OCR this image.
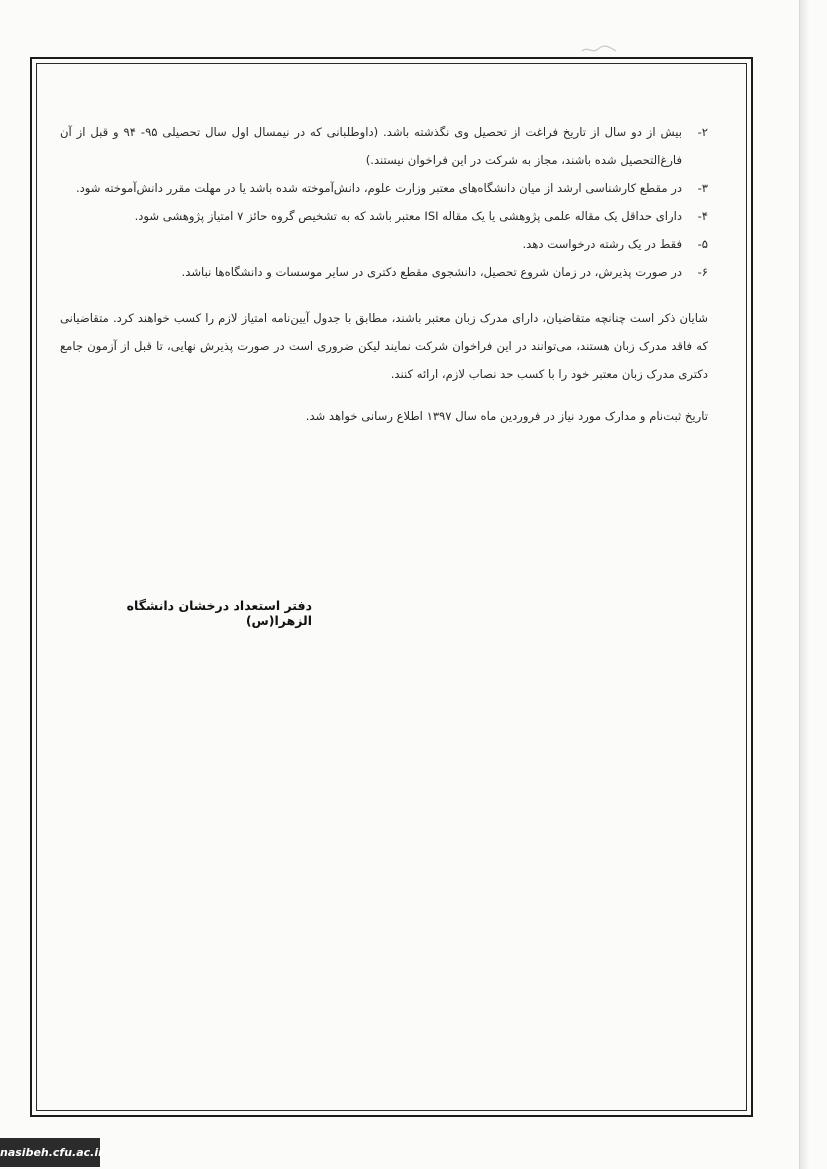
۲-
بیش از دو سال از تاریخ فراغت از تحصیل وی نگذشته باشد. (داوطلبانی که در نیمسال اول سال تحصیلی ۹۵- ۹۴ و قبل از آن فارغ‌التحصیل شده باشند، مجاز به شرکت در این فراخوان نیستند.)
۳-
در مقطع کارشناسی ارشد از میان دانشگاه‌های معتبر وزارت علوم، دانش‌آموخته شده باشد یا در مهلت مقرر دانش‌آموخته شود.
۴-
دارای حداقل یک مقاله علمی پژوهشی یا یک مقاله ISI معتبر باشد که به تشخیص گروه حائز ۷ امتیاز پژوهشی شود.
۵-
فقط در یک رشته درخواست دهد.
۶-
در صورت پذیرش، در زمان شروع تحصیل، دانشجوی مقطع دکتری در سایر موسسات و دانشگاه‌ها نباشد.

شایان ذکر است چنانچه متقاضیان، دارای مدرک زبان معتبر باشند، مطابق با جدول آیین‌نامه امتیاز لازم را کسب خواهند کرد. متقاضیانی که فاقد مدرک زبان هستند، می‌توانند در این فراخوان شرکت نمایند لیکن ضروری است در صورت پذیرش نهایی، تا قبل از آزمون جامع دکتری مدرک زبان معتبر خود را با کسب حد نصاب لازم، ارائه کنند.

تاریخ ثبت‌نام و مدارک مورد نیاز در فروردین ماه سال ۱۳۹۷ اطلاع رسانی خواهد شد.

دفتر استعداد درخشان دانشگاه الزهرا(س)
nasibeh.cfu.ac.ir
